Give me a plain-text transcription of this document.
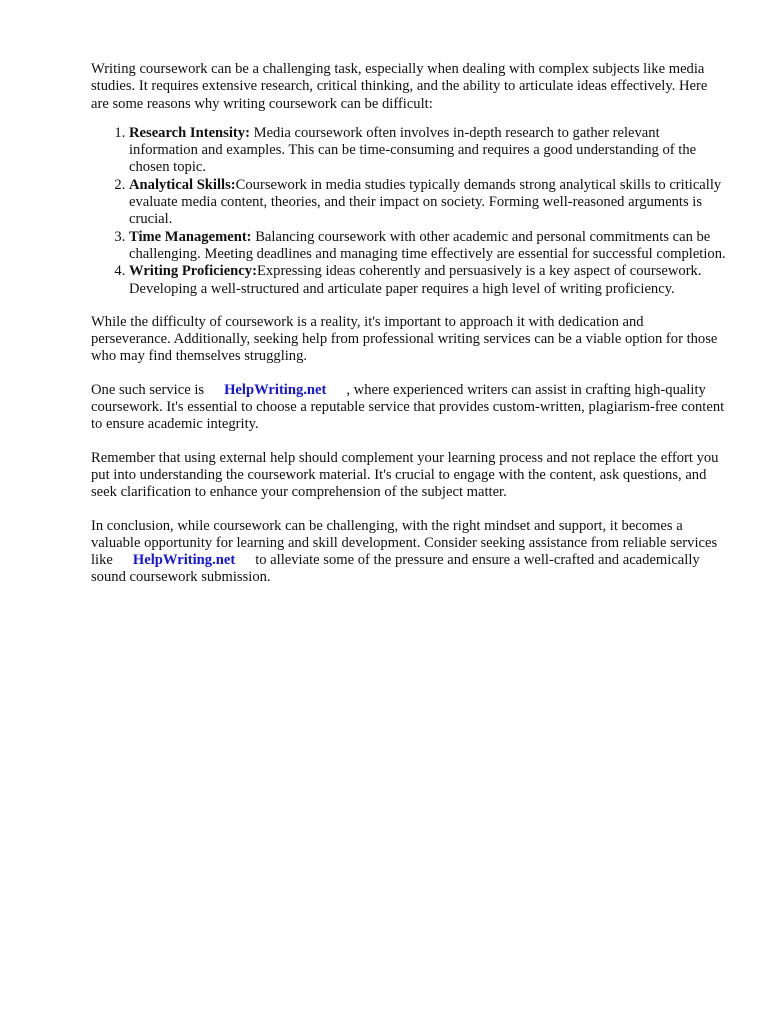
Writing coursework can be a challenging task, especially when dealing with complex subjects like media studies. It requires extensive research, critical thinking, and the ability to articulate ideas effectively. Here are some reasons why writing coursework can be difficult:

1. Research Intensity: Media coursework often involves in-depth research to gather relevant information and examples. This can be time-consuming and requires a good understanding of the chosen topic.
2. Analytical Skills:Coursework in media studies typically demands strong analytical skills to critically evaluate media content, theories, and their impact on society. Forming well-reasoned arguments is crucial.
3. Time Management: Balancing coursework with other academic and personal commitments can be challenging. Meeting deadlines and managing time effectively are essential for successful completion.
4. Writing Proficiency:Expressing ideas coherently and persuasively is a key aspect of coursework. Developing a well-structured and articulate paper requires a high level of writing proficiency.

While the difficulty of coursework is a reality, it's important to approach it with dedication and perseverance. Additionally, seeking help from professional writing services can be a viable option for those who may find themselves struggling.

One such service is HelpWriting.net , where experienced writers can assist in crafting high-quality coursework. It's essential to choose a reputable service that provides custom-written, plagiarism-free content to ensure academic integrity.

Remember that using external help should complement your learning process and not replace the effort you put into understanding the coursework material. It's crucial to engage with the content, ask questions, and seek clarification to enhance your comprehension of the subject matter.

In conclusion, while coursework can be challenging, with the right mindset and support, it becomes a valuable opportunity for learning and skill development. Consider seeking assistance from reliable services like HelpWriting.net to alleviate some of the pressure and ensure a well-crafted and academically sound coursework submission.
